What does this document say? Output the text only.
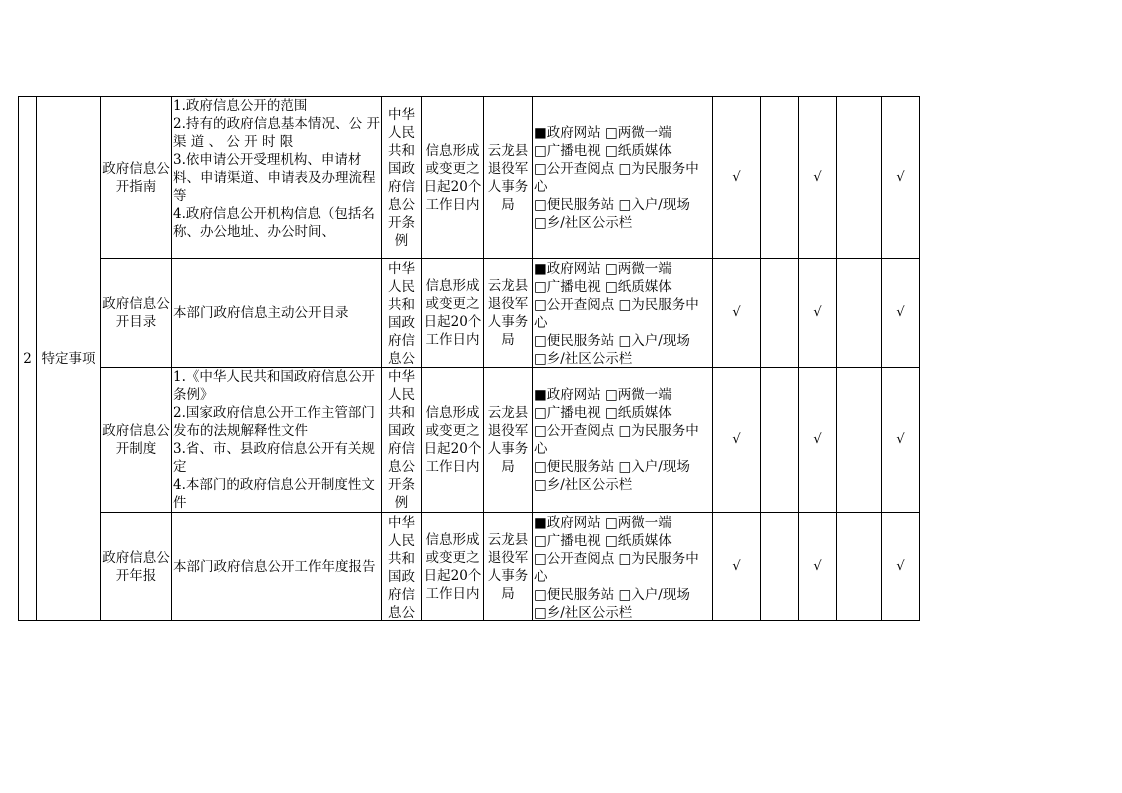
2	特定事项	政府信息公开指南	1.政府信息公开的范围
2.持有的政府信息基本情况、公 开 渠 道 、 公 开 时 限
3.依申请公开受理机构、申请材料、申请渠道、申请表及办理流程等
4.政府信息公开机构信息（包括名称、办公地址、办公时间、	中华人民共和国政府信息公开条例	信息形成或变更之日起20个工作日内	云龙县退役军人事务局	■政府网站 □两微一端
□广播电视 □纸质媒体
□公开查阅点 □为民服务中心
□便民服务站 □入户/现场
□乡/社区公示栏	√		√		√
		政府信息公开目录	本部门政府信息主动公开目录	中华人民共和国政府信息公	信息形成或变更之日起20个工作日内	云龙县退役军人事务局	■政府网站 □两微一端
□广播电视 □纸质媒体
□公开查阅点 □为民服务中心
□便民服务站 □入户/现场
□乡/社区公示栏	√		√		√
		政府信息公开制度	1.《中华人民共和国政府信息公开条例》
2.国家政府信息公开工作主管部门发布的法规解释性文件
3.省、市、县政府信息公开有关规定
4.本部门的政府信息公开制度性文件	中华人民共和国政府信息公开条例	信息形成或变更之日起20个工作日内	云龙县退役军人事务局	■政府网站 □两微一端
□广播电视 □纸质媒体
□公开查阅点 □为民服务中心
□便民服务站 □入户/现场
□乡/社区公示栏	√		√		√
		政府信息公开年报	本部门政府信息公开工作年度报告	中华人民共和国政府信息公	信息形成或变更之日起20个工作日内	云龙县退役军人事务局	■政府网站 □两微一端
□广播电视 □纸质媒体
□公开查阅点 □为民服务中心
□便民服务站 □入户/现场
□乡/社区公示栏	√		√		√
